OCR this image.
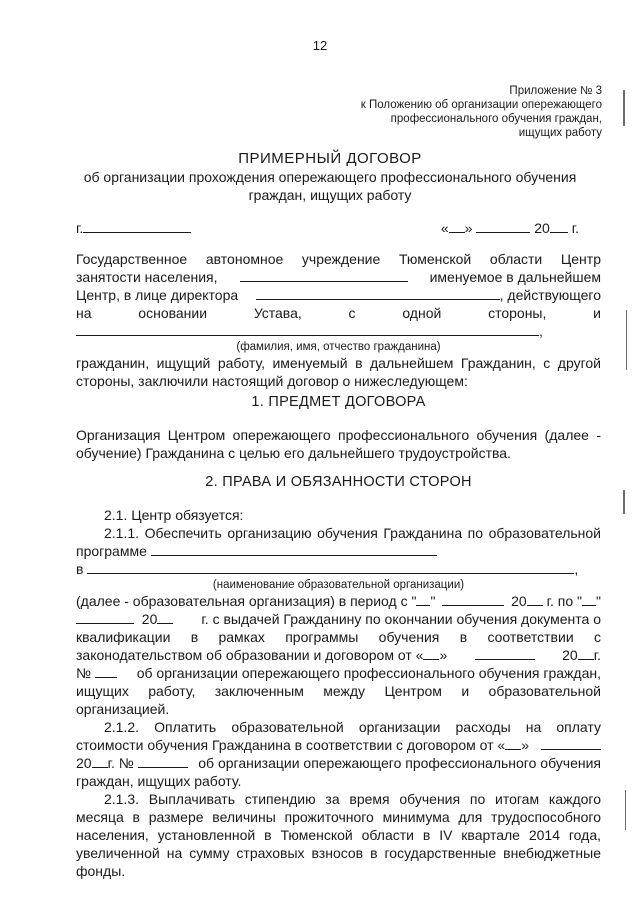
12
Приложение № 3
к Положению об организации опережающего
профессионального обучения граждан,
ищущих работу
ПРИМЕРНЫЙ ДОГОВОР
об организации прохождения опережающего профессионального обучения
граждан, ищущих работу
г.	« »	20 г.
Государственное автономное учреждение Тюменской области Центр
занятости населения,	именуемое в дальнейшем
Центр, в лице директора	, действующего
на	основании	Устава,	с	одной	стороны,	и
,
(фамилия, имя, отчество гражданина)
гражданин, ищущий работу, именуемый в дальнейшем Гражданин, с другой
стороны, заключили настоящий договор о нижеследующем:
1. ПРЕДМЕТ ДОГОВОРА
Организация Центром опережающего профессионального обучения (далее -
обучение) Гражданина с целью его дальнейшего трудоустройства.
2. ПРАВА И ОБЯЗАННОСТИ СТОРОН
2.1. Центр обязуется:
2.1.1. Обеспечить организацию обучения Гражданина по образовательной
программе
в	,
(наименование образовательной организации)
(далее - образовательная организация) в период с " "	20 г. по " "
20	г. с выдачей Гражданину по окончании обучения документа о
квалификации в рамках программы обучения в соответствии с
законодательством об образовании и договором от « »	20 г.
№	об организации опережающего профессионального обучения граждан,
ищущих работу, заключенным между Центром и образовательной
организацией.
2.1.2. Оплатить образовательной организации расходы на оплату
стоимости обучения Гражданина в соответствии с договором от « »
20 г. №	об организации опережающего профессионального обучения
граждан, ищущих работу.
2.1.3. Выплачивать стипендию за время обучения по итогам каждого
месяца в размере величины прожиточного минимума для трудоспособного
населения, установленной в Тюменской области в IV квартале 2014 года,
увеличенной на сумму страховых взносов в государственные внебюджетные
фонды.
